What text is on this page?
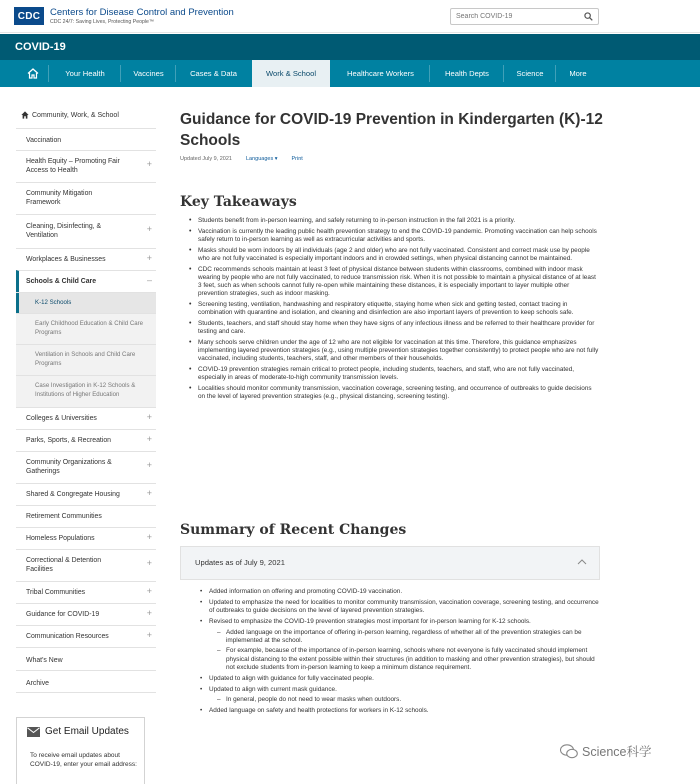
CDC	Centers for Disease Control and Prevention
CDC 24/7: Saving Lives, Protecting People™
Search COVID-19
COVID-19
Your Health	Vaccines	Cases & Data	Work & School	Healthcare Workers	Health Depts	Science	More
Community, Work, & School
Vaccination
Health Equity – Promoting Fair Access to Health
+
Community Mitigation Framework
Cleaning, Disinfecting, & Ventilation
+
Workplaces & Businesses	+
Schools & Child Care	–
K-12 Schools
Early Childhood Education & Child Care Programs
Ventilation in Schools and Child Care Programs
Case Investigation in K-12 Schools & Institutions of Higher Education
Colleges & Universities	+
Parks, Sports, & Recreation	+
Community Organizations & Gatherings
+
Shared & Congregate Housing	+
Retirement Communities
Homeless Populations	+
Correctional & Detention Facilities
+
Tribal Communities	+
Guidance for COVID-19	+
Communication Resources	+
What's New
Archive
Get Email Updates
To receive email updates about COVID-19, enter your email address:
Guidance for COVID-19 Prevention in Kindergarten (K)-12 Schools
Updated July 9, 2021	Languages ▾	Print
Key Takeaways
• Students benefit from in-person learning, and safely returning to in-person instruction in the fall 2021 is a priority.
• Vaccination is currently the leading public health prevention strategy to end the COVID-19 pandemic. Promoting vaccination can help schools safely return to in-person learning as well as extracurricular activities and sports.
• Masks should be worn indoors by all individuals (age 2 and older) who are not fully vaccinated. Consistent and correct mask use by people who are not fully vaccinated is especially important indoors and in crowded settings, when physical distancing cannot be maintained.
• CDC recommends schools maintain at least 3 feet of physical distance between students within classrooms, combined with indoor mask wearing by people who are not fully vaccinated, to reduce transmission risk. When it is not possible to maintain a physical distance of at least 3 feet, such as when schools cannot fully re-open while maintaining these distances, it is especially important to layer multiple other prevention strategies, such as indoor masking.
• Screening testing, ventilation, handwashing and respiratory etiquette, staying home when sick and getting tested, contact tracing in combination with quarantine and isolation, and cleaning and disinfection are also important layers of prevention to keep schools safe.
• Students, teachers, and staff should stay home when they have signs of any infectious illness and be referred to their healthcare provider for testing and care.
• Many schools serve children under the age of 12 who are not eligible for vaccination at this time. Therefore, this guidance emphasizes implementing layered prevention strategies (e.g., using multiple prevention strategies together consistently) to protect people who are not fully vaccinated, including students, teachers, staff, and other members of their households.
• COVID-19 prevention strategies remain critical to protect people, including students, teachers, and staff, who are not fully vaccinated, especially in areas of moderate-to-high community transmission levels.
• Localities should monitor community transmission, vaccination coverage, screening testing, and occurrence of outbreaks to guide decisions on the level of layered prevention strategies (e.g., physical distancing, screening testing).
Summary of Recent Changes
Updates as of July 9, 2021
• Added information on offering and promoting COVID-19 vaccination.
• Updated to emphasize the need for localities to monitor community transmission, vaccination coverage, screening testing, and occurrence of outbreaks to guide decisions on the level of layered prevention strategies.
• Revised to emphasize the COVID-19 prevention strategies most important for in-person learning for K-12 schools.
– Added language on the importance of offering in-person learning, regardless of whether all of the prevention strategies can be implemented at the school.
– For example, because of the importance of in-person learning, schools where not everyone is fully vaccinated should implement physical distancing to the extent possible within their structures (in addition to masking and other prevention strategies), but should not exclude students from in-person learning to keep a minimum distance requirement.
• Updated to align with guidance for fully vaccinated people.
• Updated to align with current mask guidance.
– In general, people do not need to wear masks when outdoors.
• Added language on safety and health protections for workers in K-12 schools.
Science科学
